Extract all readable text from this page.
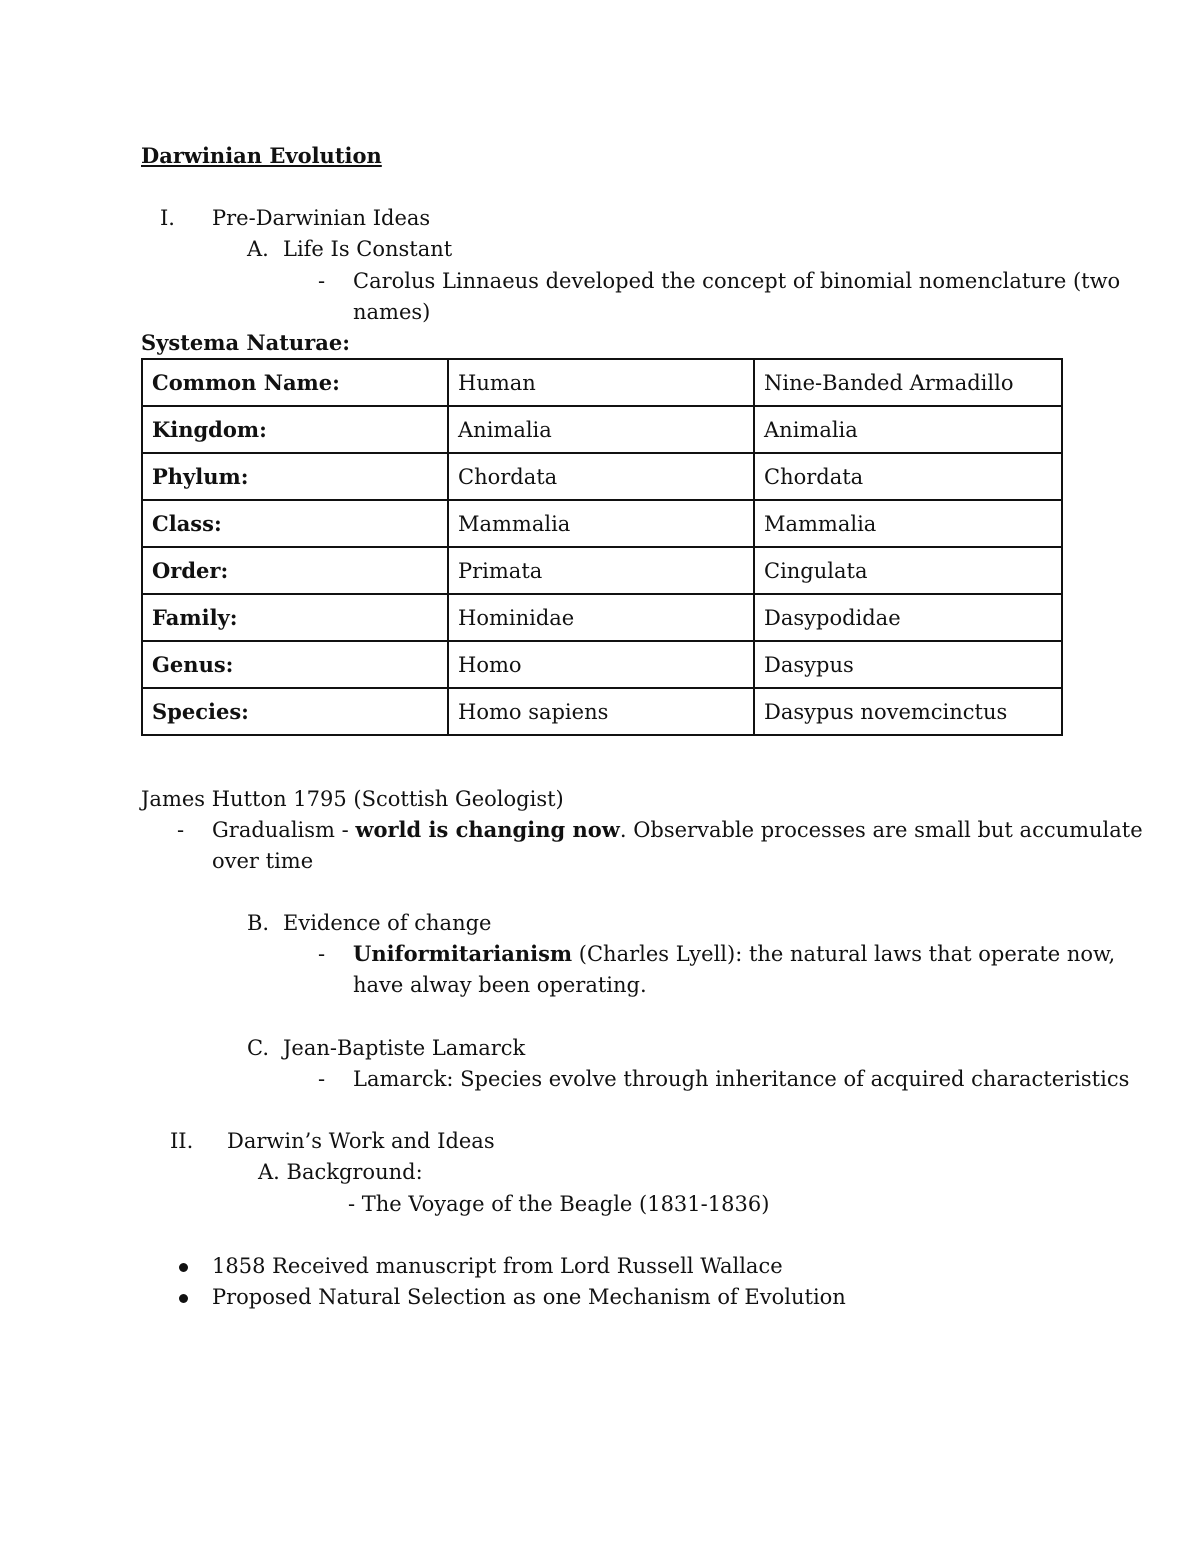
Darwinian Evolution
I. Pre-Darwinian Ideas
A. Life Is Constant
- Carolus Linnaeus developed the concept of binomial nomenclature (two
names)
Systema Naturae:
Common Name:	Human	Nine-Banded Armadillo
Kingdom:	Animalia	Animalia
Phylum:	Chordata	Chordata
Class:	Mammalia	Mammalia
Order:	Primata	Cingulata
Family:	Hominidae	Dasypodidae
Genus:	Homo	Dasypus
Species:	Homo sapiens	Dasypus novemcinctus
James Hutton 1795 (Scottish Geologist)
- Gradualism - world is changing now. Observable processes are small but accumulate
over time
B. Evidence of change
- Uniformitarianism (Charles Lyell): the natural laws that operate now,
have alway been operating.
C. Jean-Baptiste Lamarck
- Lamarck: Species evolve through inheritance of acquired characteristics
II. Darwin’s Work and Ideas
A. Background:
- The Voyage of the Beagle (1831-1836)
1858 Received manuscript from Lord Russell Wallace
Proposed Natural Selection as one Mechanism of Evolution
